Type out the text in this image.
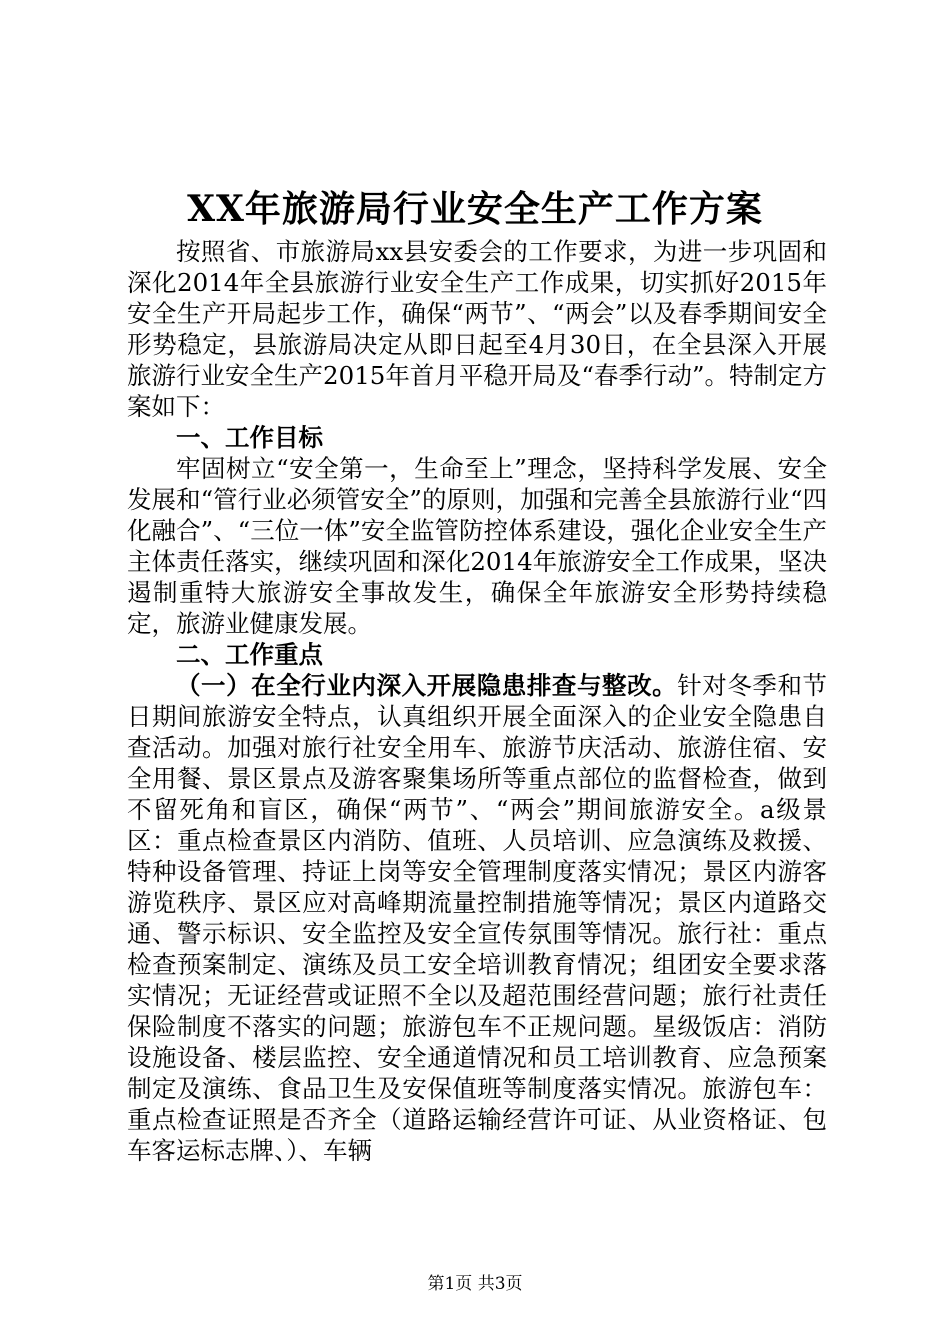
XX年旅游局行业安全生产工作方案

按照省、市旅游局xx县安委会的工作要求，为进一步巩固和深化2014年全县旅游行业安全生产工作成果，切实抓好2015年安全生产开局起步工作，确保“两节”、“两会”以及春季期间安全形势稳定，县旅游局决定从即日起至4月30日，在全县深入开展旅游行业安全生产2015年首月平稳开局及“春季行动”。特制定方案如下：

一、工作目标

牢固树立“安全第一，生命至上”理念，坚持科学发展、安全发展和“管行业必须管安全”的原则，加强和完善全县旅游行业“四化融合”、“三位一体”安全监管防控体系建设，强化企业安全生产主体责任落实，继续巩固和深化2014年旅游安全工作成果，坚决遏制重特大旅游安全事故发生，确保全年旅游安全形势持续稳定，旅游业健康发展。

二、工作重点

（一）在全行业内深入开展隐患排查与整改。针对冬季和节日期间旅游安全特点，认真组织开展全面深入的企业安全隐患自查活动。加强对旅行社安全用车、旅游节庆活动、旅游住宿、安全用餐、景区景点及游客聚集场所等重点部位的监督检查，做到不留死角和盲区，确保“两节”、“两会”期间旅游安全。a级景区：重点检查景区内消防、值班、人员培训、应急演练及救援、特种设备管理、持证上岗等安全管理制度落实情况；景区内游客游览秩序、景区应对高峰期流量控制措施等情况；景区内道路交通、警示标识、安全监控及安全宣传氛围等情况。旅行社：重点检查预案制定、演练及员工安全培训教育情况；组团安全要求落实情况；无证经营或证照不全以及超范围经营问题；旅行社责任保险制度不落实的问题；旅游包车不正规问题。星级饭店：消防设施设备、楼层监控、安全通道情况和员工培训教育、应急预案制定及演练、食品卫生及安保值班等制度落实情况。旅游包车：重点检查证照是否齐全（道路运输经营许可证、从业资格证、包车客运标志牌、）、车辆

第1页 共3页
